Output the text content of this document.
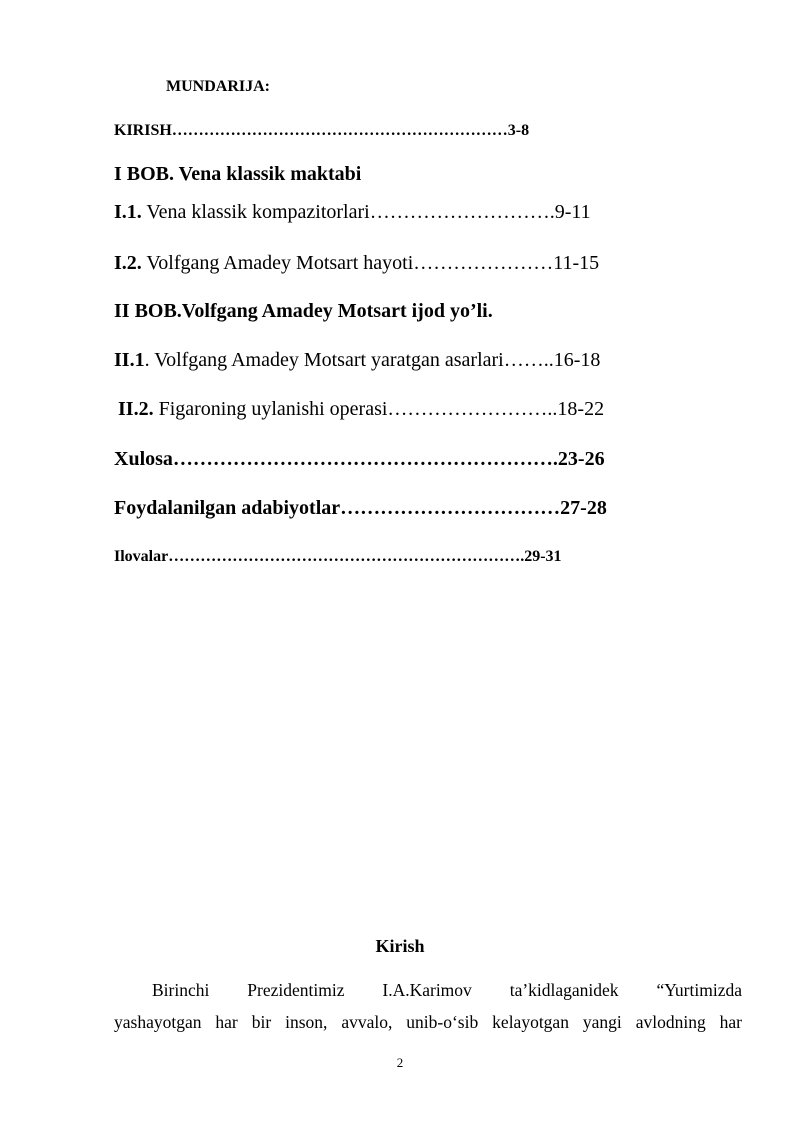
MUNDARIJA:
KIRISH………………………………………………………3-8
I BOB. Vena klassik maktabi
I.1. Vena klassik kompazitorlari……………………….9-11
I.2. Volfgang Amadey Motsart hayoti…………………11-15
II BOB.Volfgang Amadey Motsart ijod yo’li.
II.1. Volfgang Amadey Motsart yaratgan asarlari……..16-18
II.2. Figaroning uylanishi operasi……………………..18-22
Xulosa………………………………………………….23-26
Foydalanilgan adabiyotlar……………………………27-28
Ilovalar………………………………………………………….29-31
Kirish
Birinchi Prezidentimiz I.A.Karimov ta’kidlaganidek “Yurtimizda
yashayotgan har bir inson, avvalo, unib-o‘sib kelayotgan yangi avlodning har
2
